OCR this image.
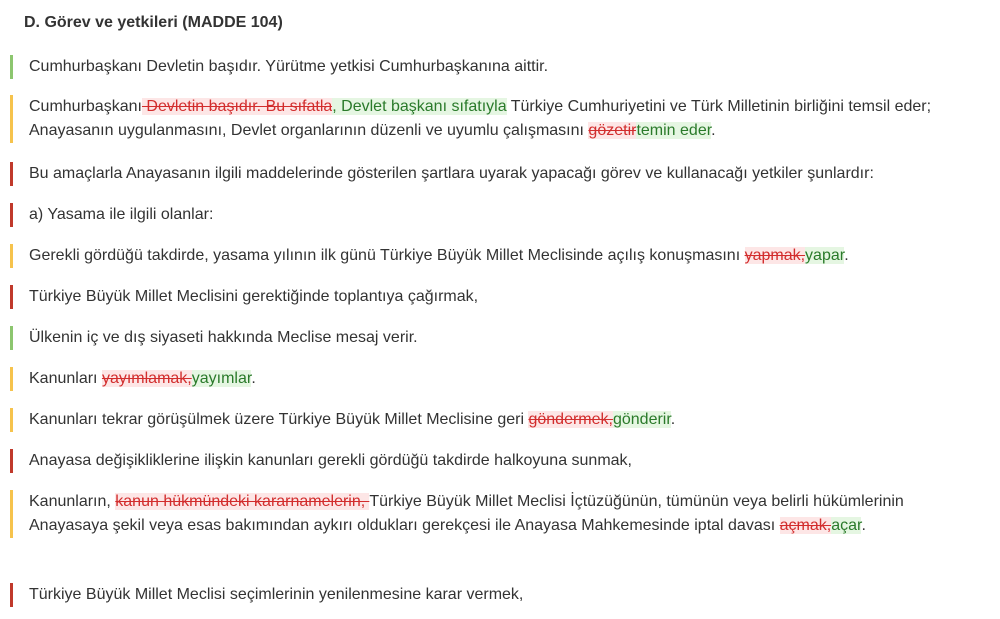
D. Görev ve yetkileri (MADDE 104)
Cumhurbaşkanı Devletin başıdır. Yürütme yetkisi Cumhurbaşkanına aittir.
Cumhurbaşkanı Devletin başıdır. Bu sıfatla, Devlet başkanı sıfatıyla Türkiye Cumhuriyetini ve Türk Milletinin birliğini temsil eder; Anayasanın uygulanmasını, Devlet organlarının düzenli ve uyumlu çalışmasını gözetirtemin eder.
Bu amaçlarla Anayasanın ilgili maddelerinde gösterilen şartlara uyarak yapacağı görev ve kullanacağı yetkiler şunlardır:
a) Yasama ile ilgili olanlar:
Gerekli gördüğü takdirde, yasama yılının ilk günü Türkiye Büyük Millet Meclisinde açılış konuşmasını yapmak,yapar.
Türkiye Büyük Millet Meclisini gerektiğinde toplantıya çağırmak,
Ülkenin iç ve dış siyaseti hakkında Meclise mesaj verir.
Kanunları yayımlamak,yayımlar.
Kanunları tekrar görüşülmek üzere Türkiye Büyük Millet Meclisine geri göndermek,gönderir.
Anayasa değişikliklerine ilişkin kanunları gerekli gördüğü takdirde halkoyuna sunmak,
Kanunların, kanun hükmündeki kararnamelerin, Türkiye Büyük Millet Meclisi İçtüzüğünün, tümünün veya belirli hükümlerinin Anayasaya şekil veya esas bakımından aykırı oldukları gerekçesi ile Anayasa Mahkemesinde iptal davası açmak,açar.
Türkiye Büyük Millet Meclisi seçimlerinin yenilenmesine karar vermek,
